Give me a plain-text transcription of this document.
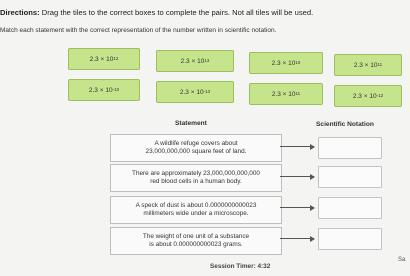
Directions: Drag the tiles to the correct boxes to complete the pairs. Not all tiles will be used.
Match each statement with the correct representation of the number written in scientific notation.
2.3 × 10 12	2.3 × 10 13	2.3 × 10 10	2.3 × 10 11
2.3 × 10 -10	2.3 × 10 -13	2.3 × 10 11	2.3 × 10 -12
Statement	Scientific Notation
A wildlife refuge covers about
23,000,000,000 square feet of land.
There are approximately 23,000,000,000,000
red blood cells in a human body.
A speck of dust is about 0.0000000000023
millimeters wide under a microscope.
The weight of one unit of a substance
is about 0.000000000023 grams.
Session Timer: 4:32
Sa
